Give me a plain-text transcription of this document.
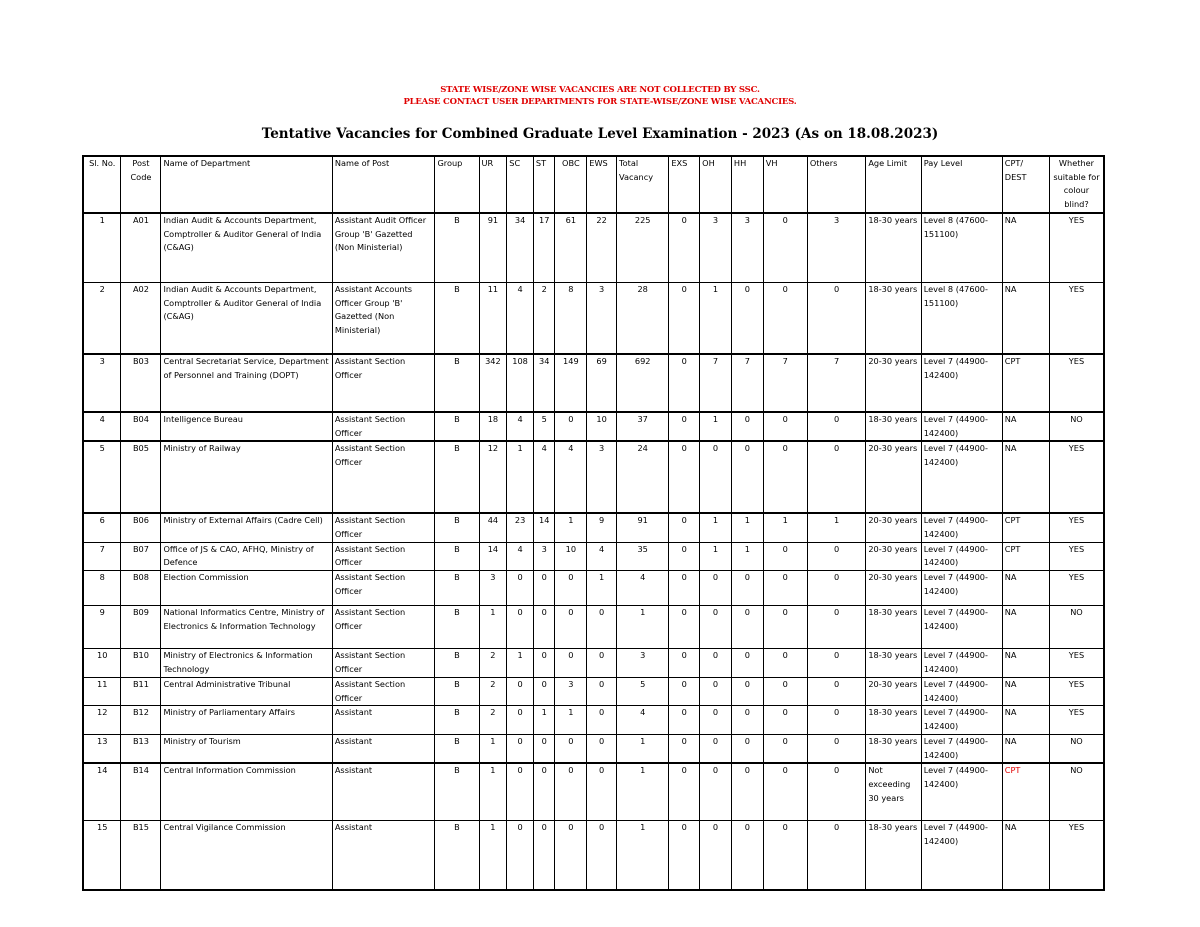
STATE WISE/ZONE WISE VACANCIES ARE NOT COLLECTED BY SSC.
PLEASE CONTACT USER DEPARTMENTS FOR STATE-WISE/ZONE WISE VACANCIES.
Tentative Vacancies for Combined Graduate Level Examination - 2023 (As on 18.08.2023)
Sl. No.	Post Code	Name of Department	Name of Post	Group	UR	SC	ST	OBC	EWS	Total Vacancy	EXS	OH	HH	VH	Others	Age Limit	Pay Level	CPT/ DEST	Whether suitable for colour blind?
1	A01	Indian Audit & Accounts Department, Comptroller & Auditor General of India (C&AG)	Assistant Audit Officer Group 'B' Gazetted (Non Ministerial)	B	91	34	17	61	22	225	0	3	3	0	3	18-30 years	Level 8 (47600-151100)	NA	YES
2	A02	Indian Audit & Accounts Department, Comptroller & Auditor General of India (C&AG)	Assistant Accounts Officer Group 'B' Gazetted (Non Ministerial)	B	11	4	2	8	3	28	0	1	0	0	0	18-30 years	Level 8 (47600-151100)	NA	YES
3	B03	Central Secretariat Service, Department of Personnel and Training (DOPT)	Assistant Section Officer	B	342	108	34	149	69	692	0	7	7	7	7	20-30 years	Level 7 (44900-142400)	CPT	YES
4	B04	Intelligence Bureau	Assistant Section Officer	B	18	4	5	0	10	37	0	1	0	0	0	18-30 years	Level 7 (44900-142400)	NA	NO
5	B05	Ministry of Railway	Assistant Section Officer	B	12	1	4	4	3	24	0	0	0	0	0	20-30 years	Level 7 (44900-142400)	NA	YES
6	B06	Ministry of External Affairs (Cadre Cell)	Assistant Section Officer	B	44	23	14	1	9	91	0	1	1	1	1	20-30 years	Level 7 (44900-142400)	CPT	YES
7	B07	Office of JS & CAO, AFHQ, Ministry of Defence	Assistant Section Officer	B	14	4	3	10	4	35	0	1	1	0	0	20-30 years	Level 7 (44900-142400)	CPT	YES
8	B08	Election Commission	Assistant Section Officer	B	3	0	0	0	1	4	0	0	0	0	0	20-30 years	Level 7 (44900-142400)	NA	YES
9	B09	National Informatics Centre, Ministry of Electronics & Information Technology	Assistant Section Officer	B	1	0	0	0	0	1	0	0	0	0	0	18-30 years	Level 7 (44900-142400)	NA	NO
10	B10	Ministry of Electronics & Information Technology	Assistant Section Officer	B	2	1	0	0	0	3	0	0	0	0	0	18-30 years	Level 7 (44900-142400)	NA	YES
11	B11	Central Administrative Tribunal	Assistant Section Officer	B	2	0	0	3	0	5	0	0	0	0	0	20-30 years	Level 7 (44900-142400)	NA	YES
12	B12	Ministry of Parliamentary Affairs	Assistant	B	2	0	1	1	0	4	0	0	0	0	0	18-30 years	Level 7 (44900-142400)	NA	YES
13	B13	Ministry of Tourism	Assistant	B	1	0	0	0	0	1	0	0	0	0	0	18-30 years	Level 7 (44900-142400)	NA	NO
14	B14	Central Information Commission	Assistant	B	1	0	0	0	0	1	0	0	0	0	0	Not exceeding 30 years	Level 7 (44900-142400)	CPT	NO
15	B15	Central Vigilance Commission	Assistant	B	1	0	0	0	0	1	0	0	0	0	0	18-30 years	Level 7 (44900-142400)	NA	YES
